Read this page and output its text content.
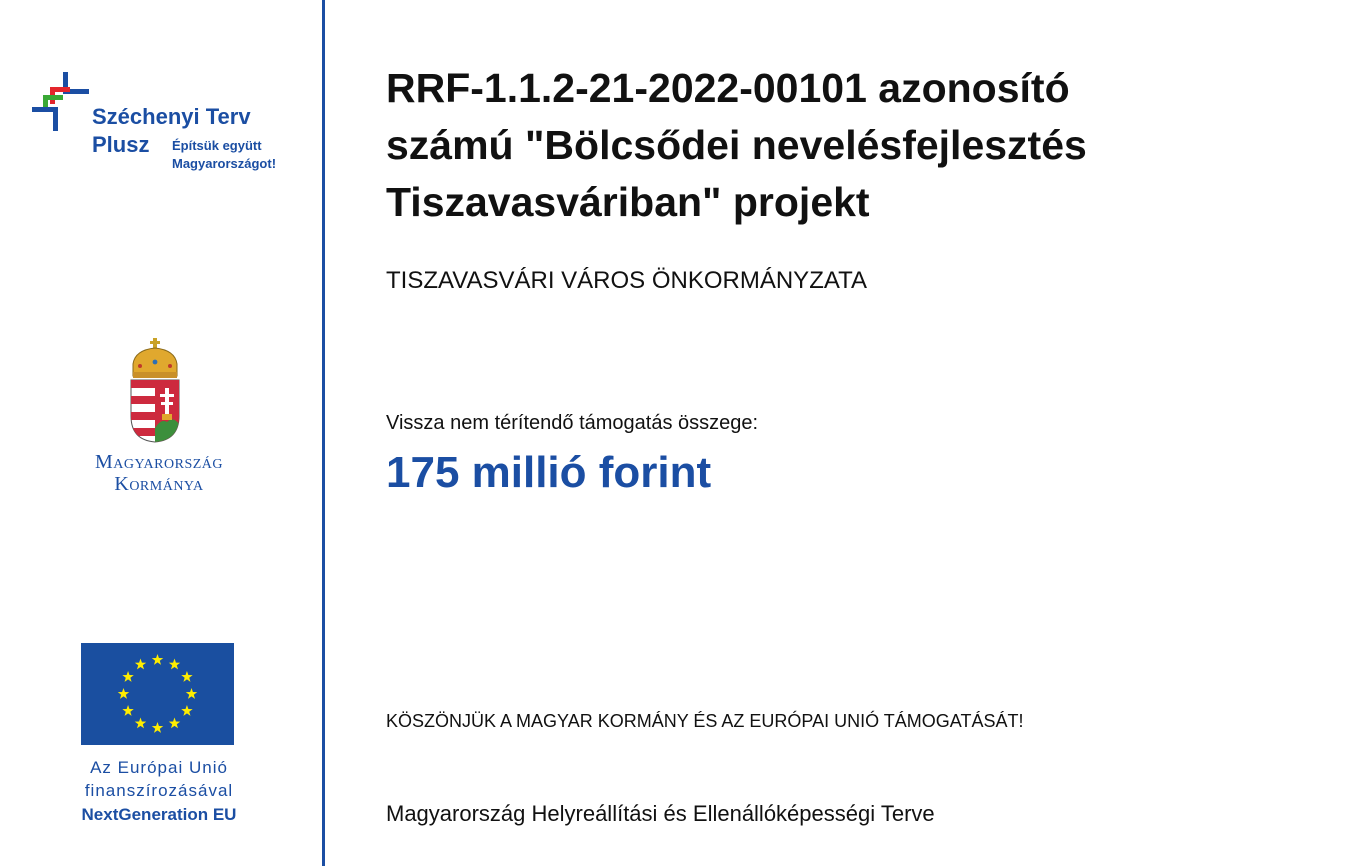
Széchenyi Terv
Plusz Építsük együtt
Magyarországot!
Magyarország
Kormánya
Az Európai Unió
finanszírozásával
NextGeneration EU
RRF-1.1.2-21-2022-00101 azonosító
számú "Bölcsődei nevelésfejlesztés
Tiszavasváriban" projekt
TISZAVASVÁRI VÁROS ÖNKORMÁNYZATA
Vissza nem térítendő támogatás összege:
175 millió forint
KÖSZÖNJÜK A MAGYAR KORMÁNY ÉS AZ EURÓPAI UNIÓ TÁMOGATÁSÁT!
Magyarország Helyreállítási és Ellenállóképességi Terve
